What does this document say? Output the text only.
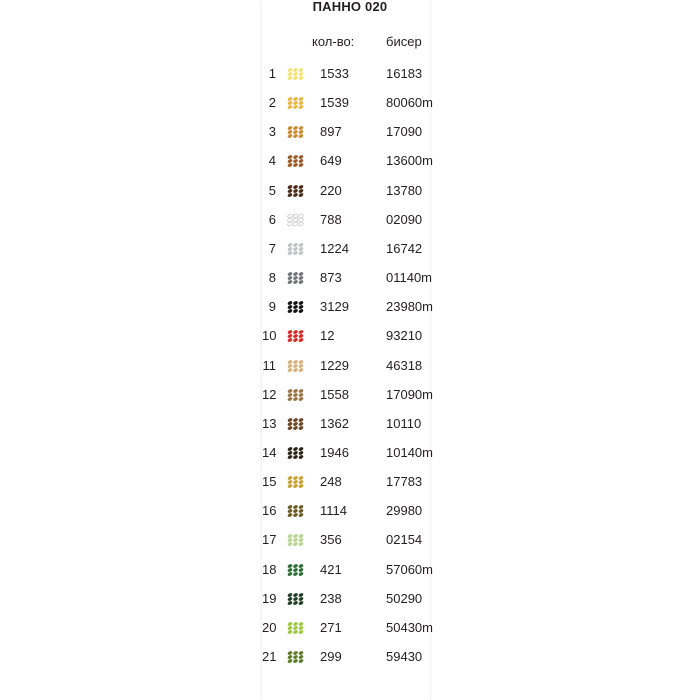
ПАННО 020
кол-во: бисер
1	1533	16183
2	1539	80060m
3	897	17090
4	649	13600m
5	220	13780
6	788	02090
7	1224	16742
8	873	01140m
9	3129	23980m
10	12	93210
11	1229	46318
12	1558	17090m
13	1362	10110
14	1946	10140m
15	248	17783
16	1114	29980
17	356	02154
18	421	57060m
19	238	50290
20	271	50430m
21	299	59430
